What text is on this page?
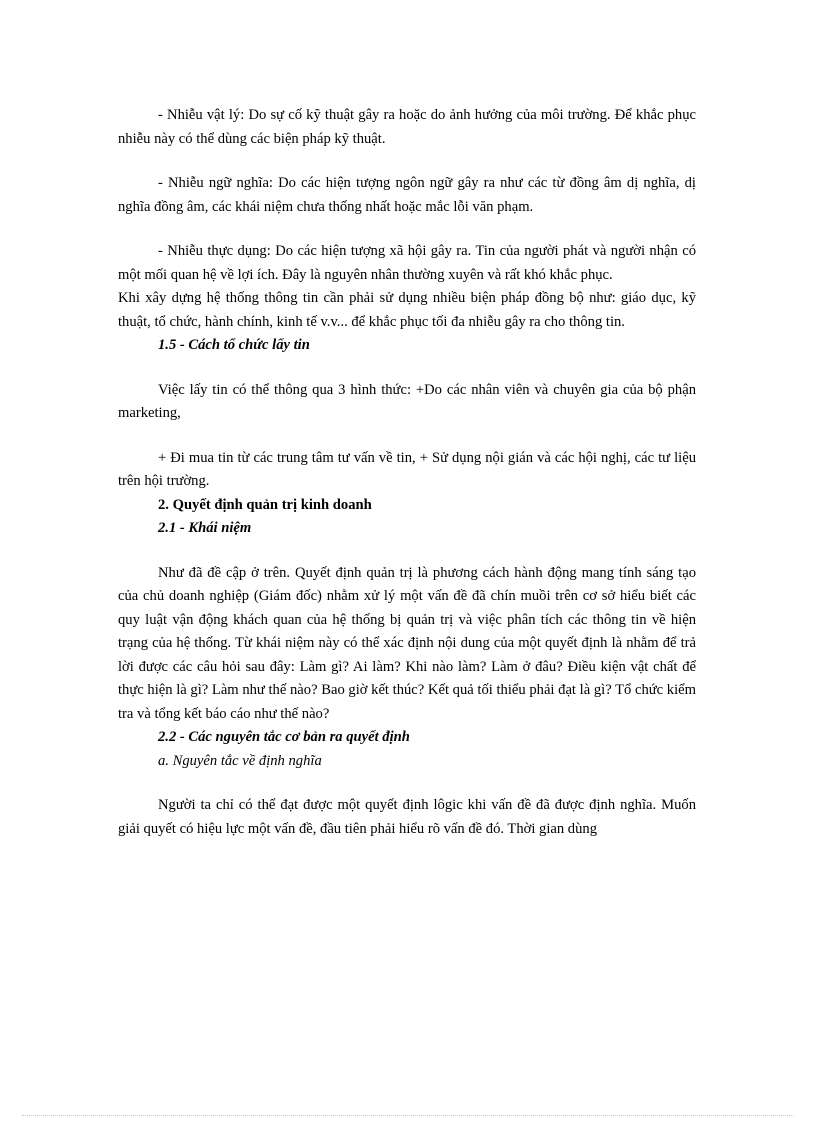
- Nhiễu vật lý: Do sự cố kỹ thuật gây ra hoặc do ảnh hưởng của môi trường. Để khắc phục nhiễu này có thể dùng các biện pháp kỹ thuật.

- Nhiễu ngữ nghĩa: Do các hiện tượng ngôn ngữ gây ra như các từ đồng âm dị nghĩa, dị nghĩa đồng âm, các khái niệm chưa thống nhất hoặc mắc lỗi văn phạm.

- Nhiễu thực dụng: Do các hiện tượng xã hội gây ra. Tin của người phát và người nhận có một mối quan hệ về lợi ích. Đây là nguyên nhân thường xuyên và rất khó khắc phục.

Khi xây dựng hệ thống thông tin cần phải sử dụng nhiều biện pháp đồng bộ như: giáo dục, kỹ thuật, tổ chức, hành chính, kinh tế v.v... để khắc phục tối đa nhiễu gây ra cho thông tin.

1.5 - Cách tổ chức lấy tin

Việc lấy tin có thể thông qua 3 hình thức: +Do các nhân viên và chuyên gia của bộ phận marketing,

+ Đi mua tin từ các trung tâm tư vấn về tin, + Sử dụng nội gián và các hội nghị, các tư liệu trên hội trường.

2. Quyết định quản trị kinh doanh

2.1 - Khái niệm

Như đã đề cập ở trên. Quyết định quản trị là phương cách hành động mang tính sáng tạo của chủ doanh nghiệp (Giám đốc) nhằm xử lý một vấn đề đã chín muồi trên cơ sở hiểu biết các quy luật vận động khách quan của hệ thống bị quản trị và việc phân tích các thông tin về hiện trạng của hệ thống. Từ khái niệm này có thể xác định nội dung của một quyết định là nhằm để trả lời được các câu hỏi sau đây: Làm gì? Ai làm? Khi nào làm? Làm ở đâu? Điều kiện vật chất để thực hiện là gì? Làm như thế nào? Bao giờ kết thúc? Kết quả tối thiểu phải đạt là gì? Tổ chức kiểm tra và tổng kết báo cáo như thế nào?

2.2 - Các nguyên tắc cơ bản ra quyết định

a. Nguyên tắc về định nghĩa

Người ta chỉ có thể đạt được một quyết định lôgic khi vấn đề đã được định nghĩa. Muốn giải quyết có hiệu lực một vấn đề, đầu tiên phải hiểu rõ vấn đề đó. Thời gian dùng
